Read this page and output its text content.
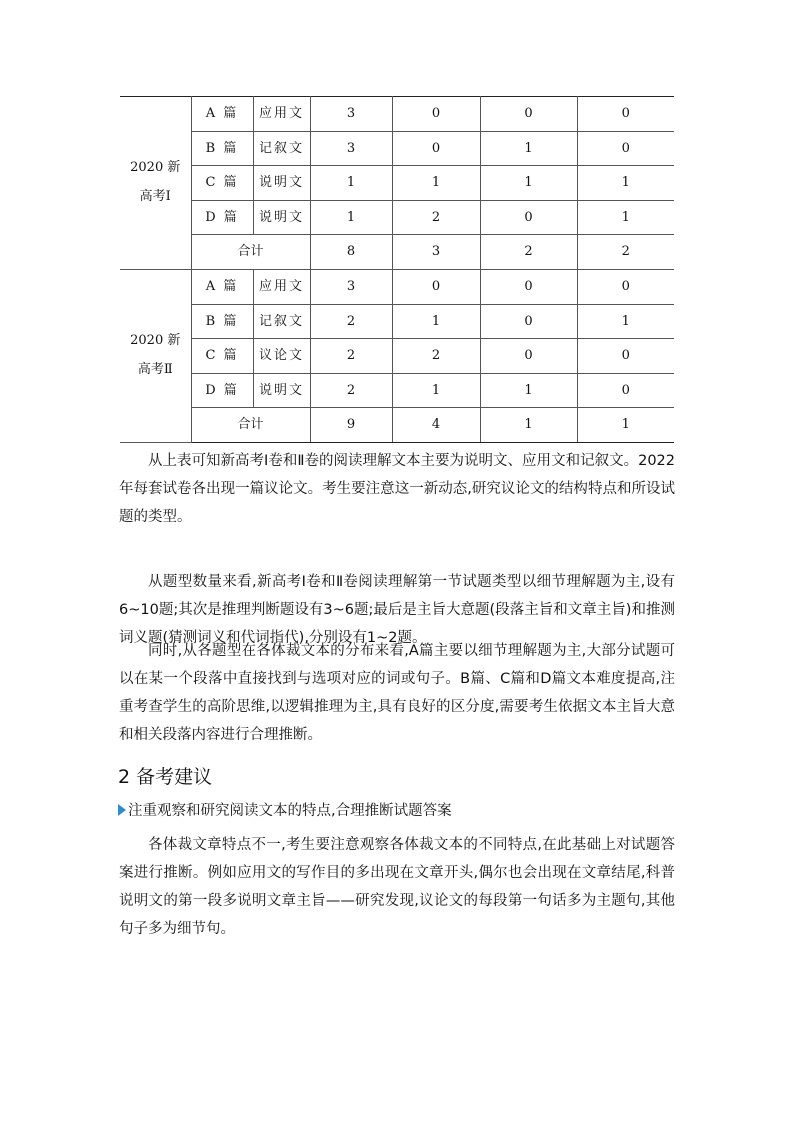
2020 新
高考Ⅰ	A 篇	应用文	3	0	0	0
	B 篇	记叙文	3	0	1	0
	C 篇	说明文	1	1	1	1
	D 篇	说明文	1	2	0	1
	合计		8	3	2	2

2020 新
高考Ⅱ	A 篇	应用文	3	0	0	0
	B 篇	记叙文	2	1	0	1
	C 篇	议论文	2	2	0	0
	D 篇	说明文	2	1	1	0
	合计		9	4	1	1

从上表可知新高考Ⅰ卷和Ⅱ卷的阅读理解文本主要为说明文、应用文和记叙文。2022年每套试卷各出现一篇议论文。考生要注意这一新动态,研究议论文的结构特点和所设试题的类型。

从题型数量来看,新高考Ⅰ卷和Ⅱ卷阅读理解第一节试题类型以细节理解题为主,设有6~10题;其次是推理判断题设有3~6题;最后是主旨大意题(段落主旨和文章主旨)和推测词义题(猜测词义和代词指代),分别设有1~2题。

同时,从各题型在各体裁文本的分布来看,A篇主要以细节理解题为主,大部分试题可以在某一个段落中直接找到与选项对应的词或句子。B篇、C篇和D篇文本难度提高,注重考查学生的高阶思维,以逻辑推理为主,具有良好的区分度,需要考生依据文本主旨大意和相关段落内容进行合理推断。

2 备考建议
注重观察和研究阅读文本的特点,合理推断试题答案

各体裁文章特点不一,考生要注意观察各体裁文本的不同特点,在此基础上对试题答案进行推断。例如应用文的写作目的多出现在文章开头,偶尔也会出现在文章结尾,科普说明文的第一段多说明文章主旨——研究发现,议论文的每段第一句话多为主题句,其他句子多为细节句。
